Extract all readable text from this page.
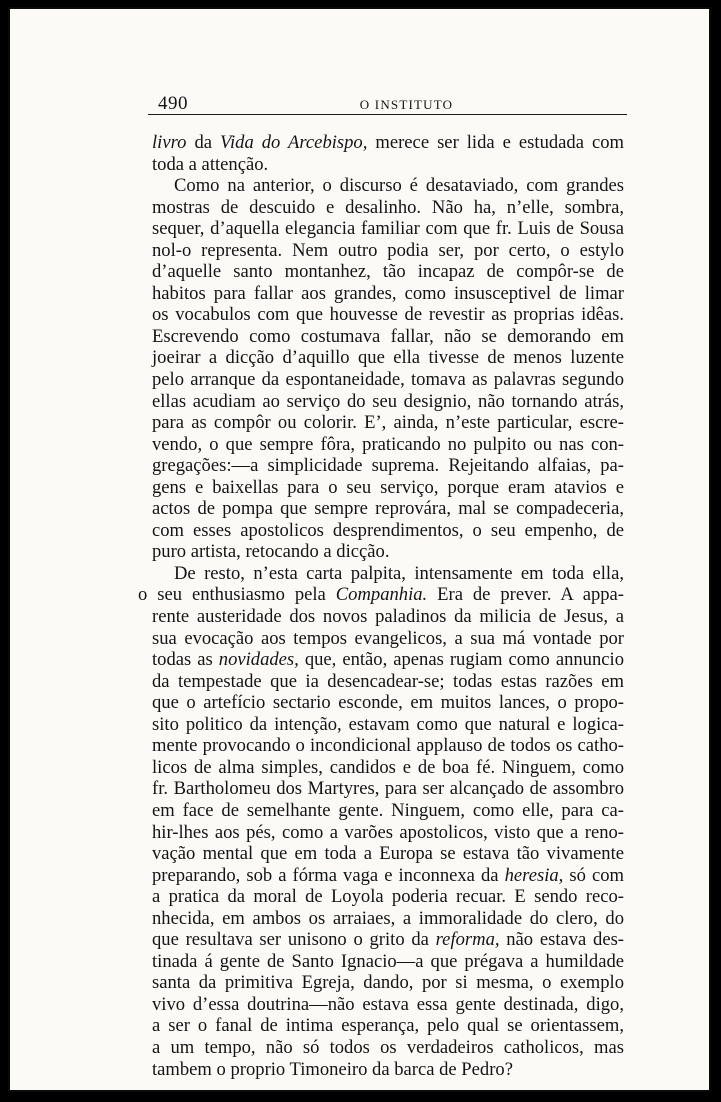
490	O INSTITUTO
livro da Vida do Arcebispo, merece ser lida e estudada com
toda a attenção.
Como na anterior, o discurso é desataviado, com grandes
mostras de descuido e desalinho. Não ha, n’elle, sombra,
sequer, d’aquella elegancia familiar com que fr. Luis de Sousa
nol-o representa. Nem outro podia ser, por certo, o estylo
d’aquelle santo montanhez, tão incapaz de compôr-se de
habitos para fallar aos grandes, como insusceptivel de limar
os vocabulos com que houvesse de revestir as proprias idêas.
Escrevendo como costumava fallar, não se demorando em
joeirar a dicção d’aquillo que ella tivesse de menos luzente
pelo arranque da espontaneidade, tomava as palavras segundo
ellas acudiam ao serviço do seu designio, não tornando atrás,
para as compôr ou colorir. E’, ainda, n’este particular, escre-
vendo, o que sempre fôra, praticando no pulpito ou nas con-
gregações:—a simplicidade suprema. Rejeitando alfaias, pa-
gens e baixellas para o seu serviço, porque eram atavios e
actos de pompa que sempre reprovára, mal se compadeceria,
com esses apostolicos desprendimentos, o seu empenho, de
puro artista, retocando a dicção.
De resto, n’esta carta palpita, intensamente em toda ella,
o seu enthusiasmo pela Companhia. Era de prever. A appa-
rente austeridade dos novos paladinos da milicia de Jesus, a
sua evocação aos tempos evangelicos, a sua má vontade por
todas as novidades, que, então, apenas rugiam como annuncio
da tempestade que ia desencadear-se; todas estas razões em
que o artefício sectario esconde, em muitos lances, o propo-
sito politico da intenção, estavam como que natural e logica-
mente provocando o incondicional applauso de todos os catho-
licos de alma simples, candidos e de boa fé. Ninguem, como
fr. Bartholomeu dos Martyres, para ser alcançado de assombro
em face de semelhante gente. Ninguem, como elle, para ca-
hir-lhes aos pés, como a varões apostolicos, visto que a reno-
vação mental que em toda a Europa se estava tão vivamente
preparando, sob a fórma vaga e inconnexa da heresia, só com
a pratica da moral de Loyola poderia recuar. E sendo reco-
nhecida, em ambos os arraiaes, a immoralidade do clero, do
que resultava ser unisono o grito da reforma, não estava des-
tinada á gente de Santo Ignacio—a que prégava a humildade
santa da primitiva Egreja, dando, por si mesma, o exemplo
vivo d’essa doutrina—não estava essa gente destinada, digo,
a ser o fanal de intima esperança, pelo qual se orientassem,
a um tempo, não só todos os verdadeiros catholicos, mas
tambem o proprio Timoneiro da barca de Pedro?
